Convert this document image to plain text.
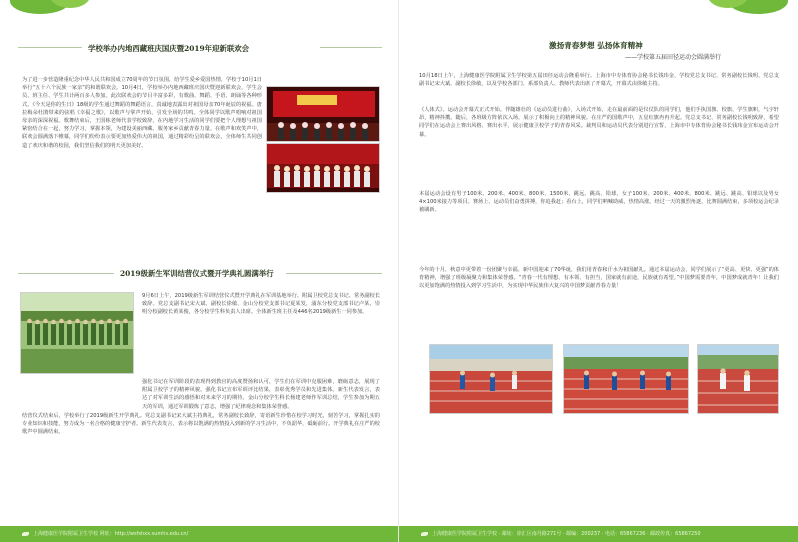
学校举办内地西藏班庆国庆暨2019年迎新联欢会
为了进一步营造隆重纪念中华人民共和国成立70周年的节日氛围，给学生爱乡爱国热情，学校于10月1日举行“五十六个民族一家亲”的和谐联欢会。10月4日，学校举办内地西藏班庆国庆暨迎新联欢会，学生会员、班主任、学生共计两百多人参加。此次联欢会的节目丰富多彩，有歌曲、舞蹈、手语、朗诵等各种形式。《今天是你的生日》18级的学生通过舞蹈的舞蹈语言，真诚地表露出对祖国母亲70年诞辰的祝福。唐拉梅朵杜鹃带来的弦唱《幸福之歌》，以歌声与掌声开始，引发全场的共鸣。全体同学以歌声唱响对祖国母亲的深深祝福。歌舞结束后，王国栋老师代表学校致辞，在内地学习生活的同学们要把个人理想与祖国紧密结合在一起，努力学习，掌握本领，为建设美丽西藏、服务家乡贡献青春力量。在歌声和欢笑声中，联欢会圆满落下帷幕，同学们纷纷表示要更加热爱伟大的祖国，通过精彩纷呈的联欢会，全体师生共同创造了欢庆和谐的校园，我们坚信我们的明天更加美好。
2019级新生军训结营仪式暨开学典礼圆满举行
9月6日上午，2019级新生军训结营仪式暨开学典礼在军训基地举行。附属卫校党总支书记、常务副校长致辞。党总支副书记宋大斌、副校长徐敏、金山分校党支部书记夏某发，浦东分校党支部书记卢某，崇明分校副校长黄某俊，各分校学生科负责人出席。全体新生班主任及446名2019级新生一同参加。
强化书记在军训阶段的表现得到教官的高度赞扬和认可，学生们在军训中克服困难，磨砺意志，展现了附属卫校学子的精神风貌。强化书记宣布军训评比结果，表彰优秀学员和先进集体。新生代表发言，表达了对军训生活的感悟和对未来学习的期待。金山分校学生科长杨建老师作军训总结，学生参加为期五天的军训，通过军训锻炼了意志，增强了纪律观念和集体荣誉感。
结营仪式结束后，学校举行了2019级新生开学典礼。党总支副书记宋大斌主持典礼，常务副校长致辞，寄语新生珍惜在校学习时光，刻苦学习，掌握扎实的专业知识和技能，努力成为一名合格的健康守护者。新生代表发言，表示将以饱满的热情投入到新的学习生活中，不负韶华，砥砺前行。开学典礼在庄严的校歌声中圆满结束。
上海健康医学院附属卫生学校 网址：http://wsfshxx.sumhs.edu.cn/
激扬青春梦想 弘扬体育精神
——学校第五届田径运动会圆满举行
10月18日上午，上海健康医学院附属卫生学校第五届田径运动会隆重举行。上海市中专体育协会秘书长钱玮金、学校党总支书记、常务副校长钱明、党总支副书记宋大斌、副校长徐敏，以及学校各部门、系部负责人、教师代表出席了开幕式，开幕式由徐敏主持。
《人体式》、运动会开幕式正式开始。伴随雄壮的《运动员进行曲》，入场式开始，走在最前面的是仪仗队的同学们，他们手执国旗、校旗、学生旗帜，气宇轩昂，精神抖擞。随后，各班级方阵依次入场，展示了积极向上的精神风貌。在庄严的国歌声中，五星红旗冉冉升起。党总支书记、常务副校长钱明致辞，希望同学们在运动会上赛出风格、赛出水平，展示健康卫校学子的青春风采。裁判员和运动员代表分别进行宣誓，上海市中专体育协会秘书长钱玮金宣布运动会开幕。
本届运动会设有男子100米、200米、400米、800米、1500米、跳远、跳高、铅球，女子100米、200米、400米、800米、跳远、跳高、铅球以及男女4×100米接力等项目。赛场上，运动员们奋勇拼搏，你追我赶；看台上，同学们呐喊助威，热情高涨。经过一天的激烈角逐，比赛圆满结束，多项校运会纪录被刷新。
今年的十月，秋意中更带着一份团聚与幸福。新中国迎来了70华诞，我们用青春和汗水为祖国献礼。通过本届运动会，同学们展示了“更高、更快、更强”的体育精神，增强了班级凝聚力和集体荣誉感。“青春一代有理想、有本领、有担当，国家就有前途，民族就有希望。”中国梦需要青年，中国梦成就青年！让我们以更加饱满的热情投入到学习生活中，为实现中华民族伟大复兴的中国梦贡献青春力量！
上海健康医学院附属卫生学校 · 邮址：徐汇区南丹路271号 · 邮编：200237 · 电话：65867236 · 邮政传真：65867250
